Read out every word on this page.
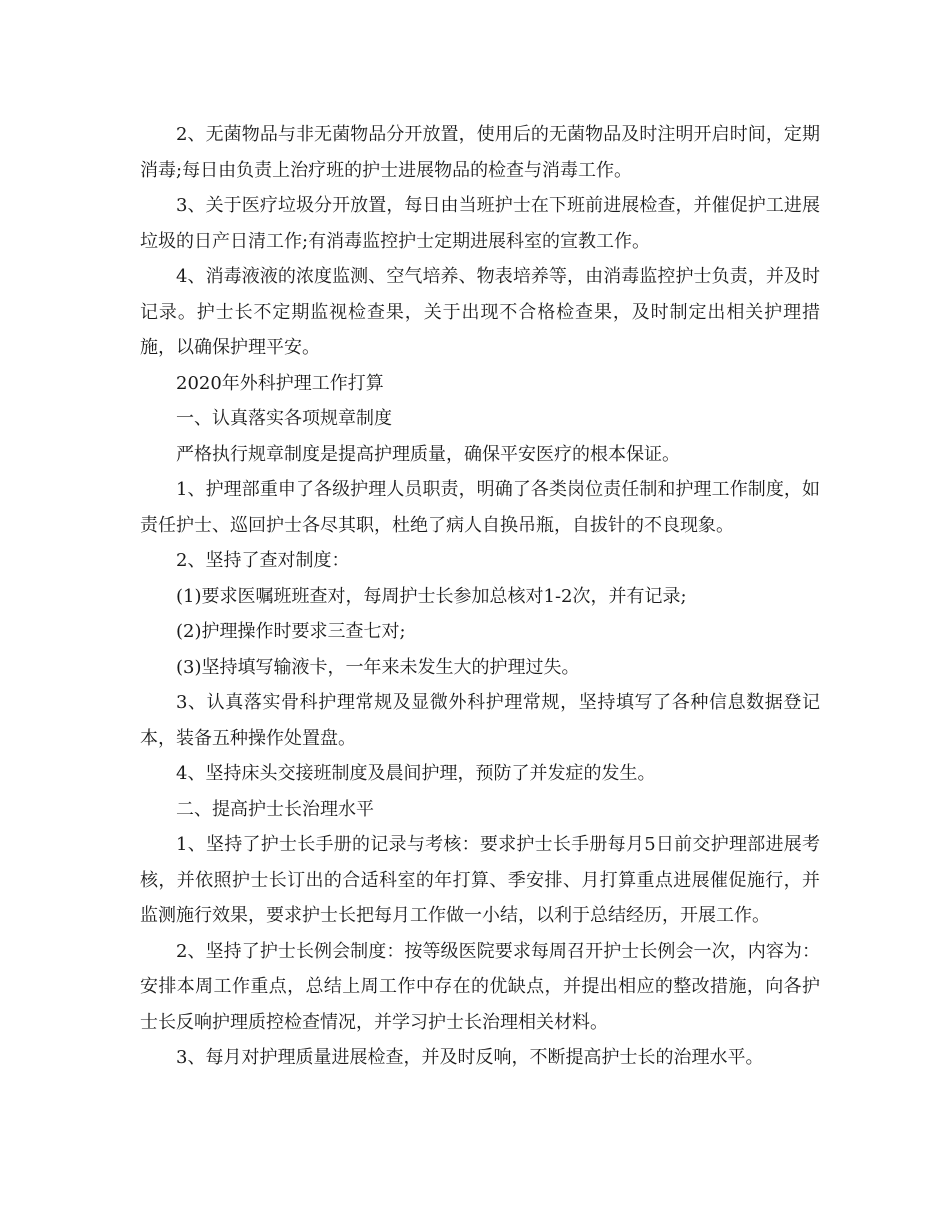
2、无菌物品与非无菌物品分开放置，使用后的无菌物品及时注明开启时间，定期消毒;每日由负责上治疗班的护士进展物品的检查与消毒工作。

3、关于医疗垃圾分开放置，每日由当班护士在下班前进展检查，并催促护工进展垃圾的日产日清工作;有消毒监控护士定期进展科室的宣教工作。

4、消毒液液的浓度监测、空气培养、物表培养等，由消毒监控护士负责，并及时记录。护士长不定期监视检查果，关于出现不合格检查果，及时制定出相关护理措施，以确保护理平安。

2020年外科护理工作打算

一、认真落实各项规章制度

严格执行规章制度是提高护理质量，确保平安医疗的根本保证。

1、护理部重申了各级护理人员职责，明确了各类岗位责任制和护理工作制度，如责任护士、巡回护士各尽其职，杜绝了病人自换吊瓶，自拔针的不良现象。

2、坚持了查对制度：

(1)要求医嘱班班查对，每周护士长参加总核对1-2次，并有记录;

(2)护理操作时要求三查七对;

(3)坚持填写输液卡，一年来未发生大的护理过失。

3、认真落实骨科护理常规及显微外科护理常规，坚持填写了各种信息数据登记本，装备五种操作处置盘。

4、坚持床头交接班制度及晨间护理，预防了并发症的发生。

二、提高护士长治理水平

1、坚持了护士长手册的记录与考核：要求护士长手册每月5日前交护理部进展考核，并依照护士长订出的合适科室的年打算、季安排、月打算重点进展催促施行，并监测施行效果，要求护士长把每月工作做一小结，以利于总结经历，开展工作。

2、坚持了护士长例会制度：按等级医院要求每周召开护士长例会一次，内容为：安排本周工作重点，总结上周工作中存在的优缺点，并提出相应的整改措施，向各护士长反响护理质控检查情况，并学习护士长治理相关材料。

3、每月对护理质量进展检查，并及时反响，不断提高护士长的治理水平。
